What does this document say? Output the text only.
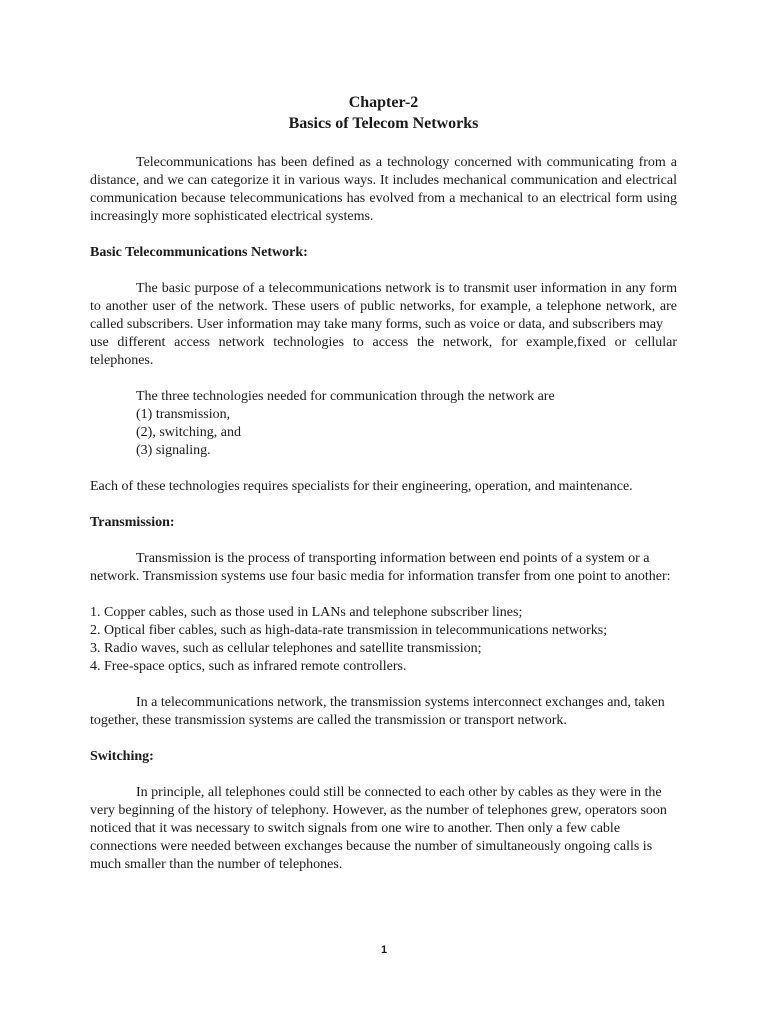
Chapter-2
Basics of Telecom Networks

Telecommunications has been defined as a technology concerned with communicating from a distance, and we can categorize it in various ways. It includes mechanical communication and electrical communication because telecommunications has evolved from a mechanical to an electrical form using increasingly more sophisticated electrical systems.

Basic Telecommunications Network:

The basic purpose of a telecommunications network is to transmit user information in any form to another user of the network. These users of public networks, for example, a telephone network, are called subscribers. User information may take many forms, such as voice or data, and subscribers may
use different access network technologies to access the network, for example,fixed or cellular telephones.

The three technologies needed for communication through the network are
(1) transmission,
(2), switching, and
(3) signaling.

Each of these technologies requires specialists for their engineering, operation, and maintenance.

Transmission:

Transmission is the process of transporting information between end points of a system or a network. Transmission systems use four basic media for information transfer from one point to another:

1. Copper cables, such as those used in LANs and telephone subscriber lines;
2. Optical fiber cables, such as high-data-rate transmission in telecommunications networks;
3. Radio waves, such as cellular telephones and satellite transmission;
4. Free-space optics, such as infrared remote controllers.

In a telecommunications network, the transmission systems interconnect exchanges and, taken together, these transmission systems are called the transmission or transport network.

Switching:

In principle, all telephones could still be connected to each other by cables as they were in the very beginning of the history of telephony. However, as the number of telephones grew, operators soon noticed that it was necessary to switch signals from one wire to another. Then only a few cable connections were needed between exchanges because the number of simultaneously ongoing calls is much smaller than the number of telephones.

1
